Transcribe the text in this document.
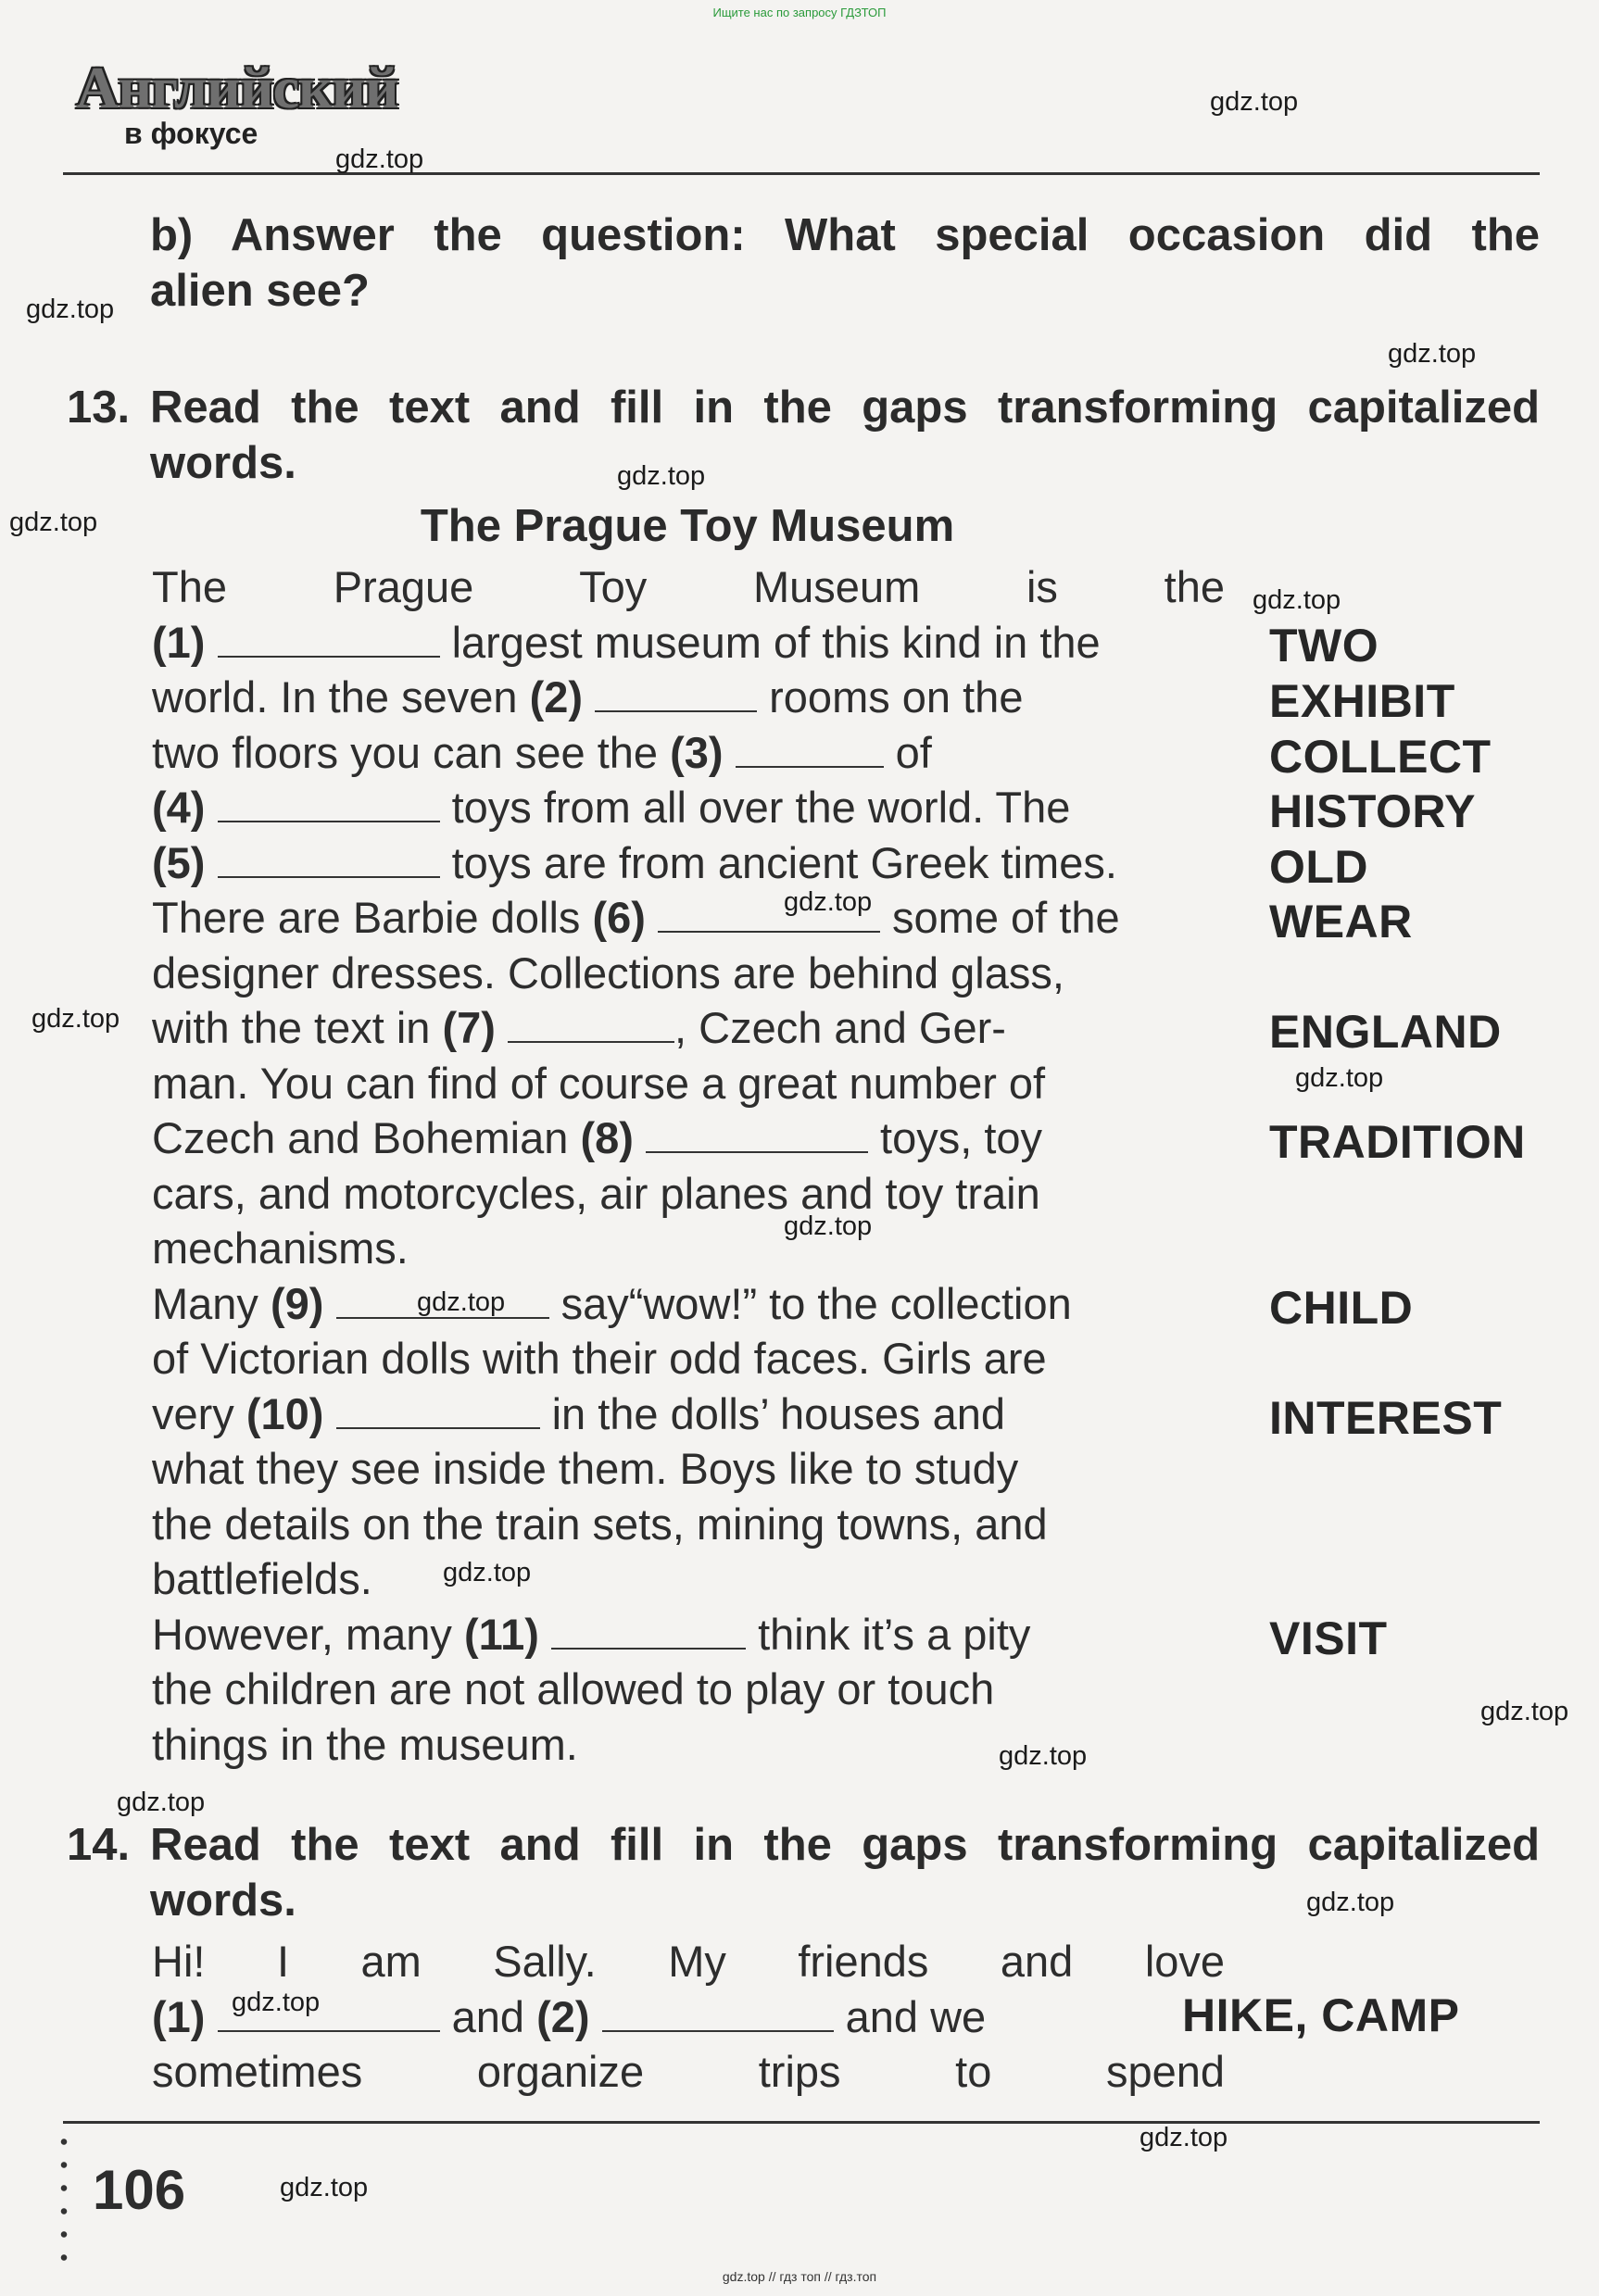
Ищите нас по запросу ГДЗТОП
Английский
в фокусе
b) Answer the question: What special occasion did the
alien see?
13. Read the text and fill in the gaps transforming capitalized
words.
The Prague Toy Museum
The Prague Toy Museum is the
(1)	largest museum of this kind in the
world. In the seven (2)	rooms on the
two floors you can see the (3)	of
(4)	toys from all over the world. The
(5)	toys are from ancient Greek times.
There are Barbie dolls (6)	some of the
designer dresses. Collections are behind glass,
with the text in (7)	, Czech and Ger-
man. You can find of course a great number of
Czech and Bohemian (8)	toys, toy
cars, and motorcycles, air planes and toy train
mechanisms.
Many (9)	say“wow!” to the collection
of Victorian dolls with their odd faces. Girls are
very (10)	in the dolls’ houses and
what they see inside them. Boys like to study
the details on the train sets, mining towns, and
battlefields.
However, many (11)	think it’s a pity
the children are not allowed to play or touch
things in the museum.
TWO
EXHIBIT
COLLECT
HISTORY
OLD
WEAR
ENGLAND
TRADITION
CHILD
INTEREST
VISIT
14. Read the text and fill in the gaps transforming capitalized
words.
Hi! I am Sally. My friends and love
(1)	and (2)	and we
sometimes	organize	trips	to	spend
HIKE, CAMP
106
gdz.top // гдз топ // гдз.топ
gdz.top
gdz.top
gdz.top
gdz.top
gdz.top
gdz.top
gdz.top
gdz.top
gdz.top
gdz.top
gdz.top
gdz.top
gdz.top
gdz.top
gdz.top
gdz.top
gdz.top
gdz.top
gdz.top
gdz.top
